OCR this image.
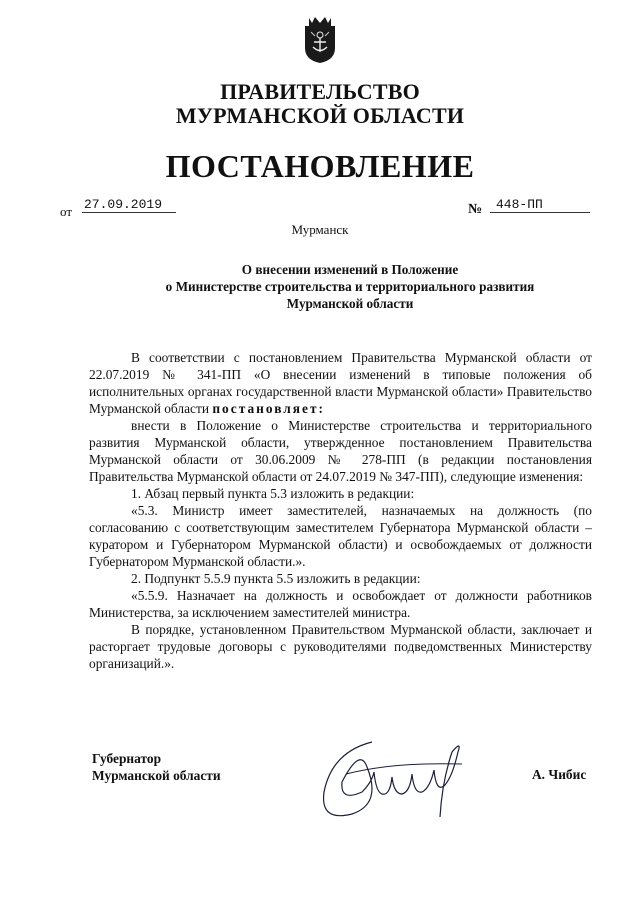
ПРАВИТЕЛЬСТВО
МУРМАНСКОЙ ОБЛАСТИ
ПОСТАНОВЛЕНИЕ
от 27.09.2019	№	448-ПП
Мурманск
О внесении изменений в Положение
о Министерстве строительства и территориального развития
Мурманской области

В соответствии с постановлением Правительства Мурманской области от 22.07.2019 № 341-ПП «О внесении изменений в типовые положения об исполнительных органах государственной власти Мурманской области» Правительство Мурманской области постановляет:

внести в Положение о Министерстве строительства и территориального развития Мурманской области, утвержденное постановлением Правительства Мурманской области от 30.06.2009 № 278-ПП (в редакции постановления Правительства Мурманской области от 24.07.2019 № 347-ПП), следующие изменения:

1. Абзац первый пункта 5.3 изложить в редакции:

«5.3. Министр имеет заместителей, назначаемых на должность (по согласованию с соответствующим заместителем Губернатора Мурманской области – куратором и Губернатором Мурманской области) и освобождаемых от должности Губернатором Мурманской области.».

2. Подпункт 5.5.9 пункта 5.5 изложить в редакции:

«5.5.9. Назначает на должность и освобождает от должности работников Министерства, за исключением заместителей министра.

В порядке, установленном Правительством Мурманской области, заключает и расторгает трудовые договоры с руководителями подведомственных Министерству организаций.».

Губернатор
Мурманской области	А. Чибис
